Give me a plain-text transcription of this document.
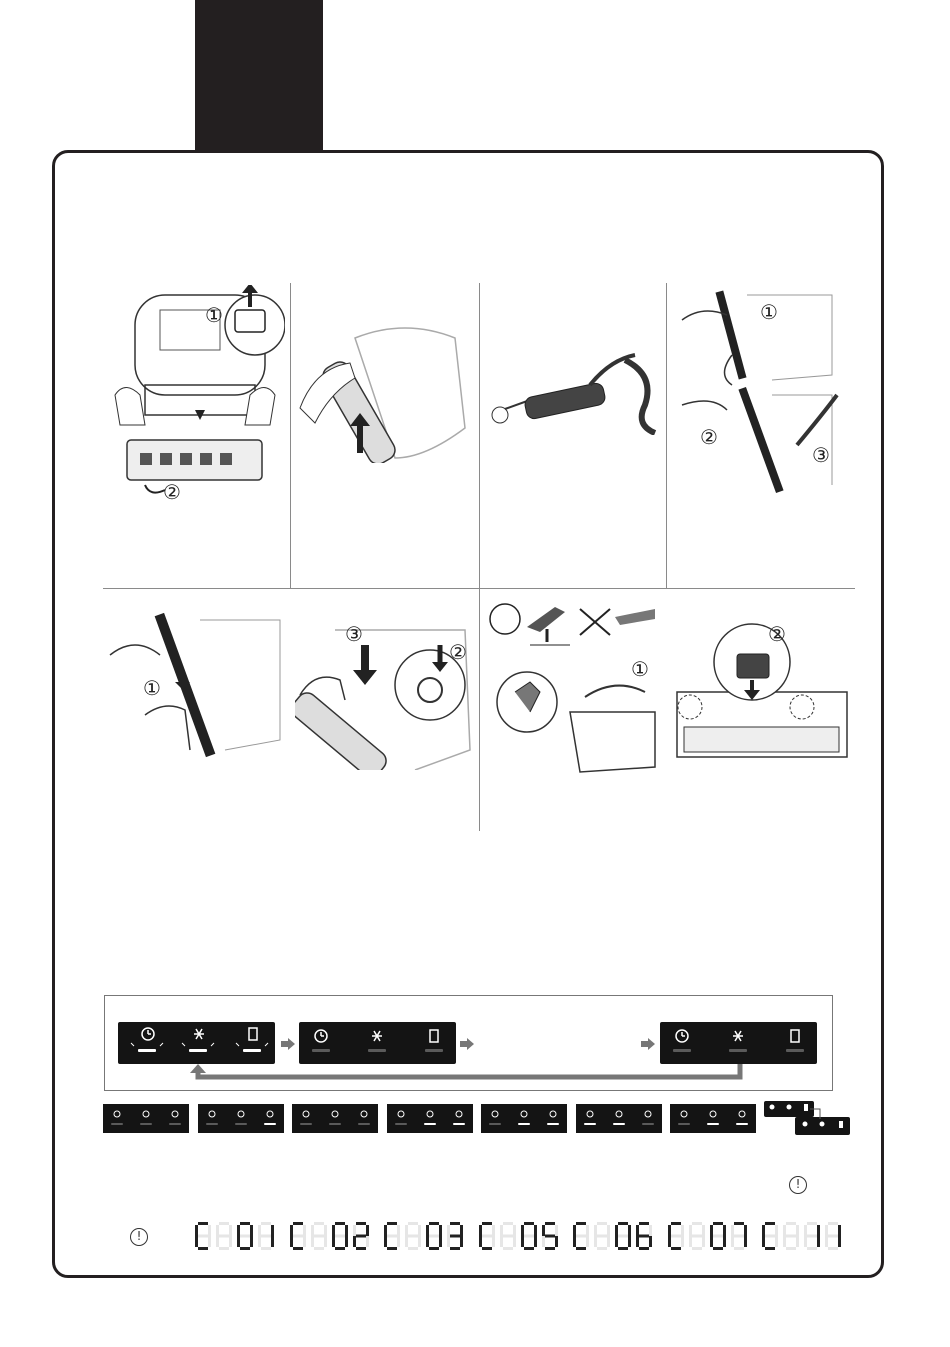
①
②
①
②
③
①
③
②
①
②
!
!
